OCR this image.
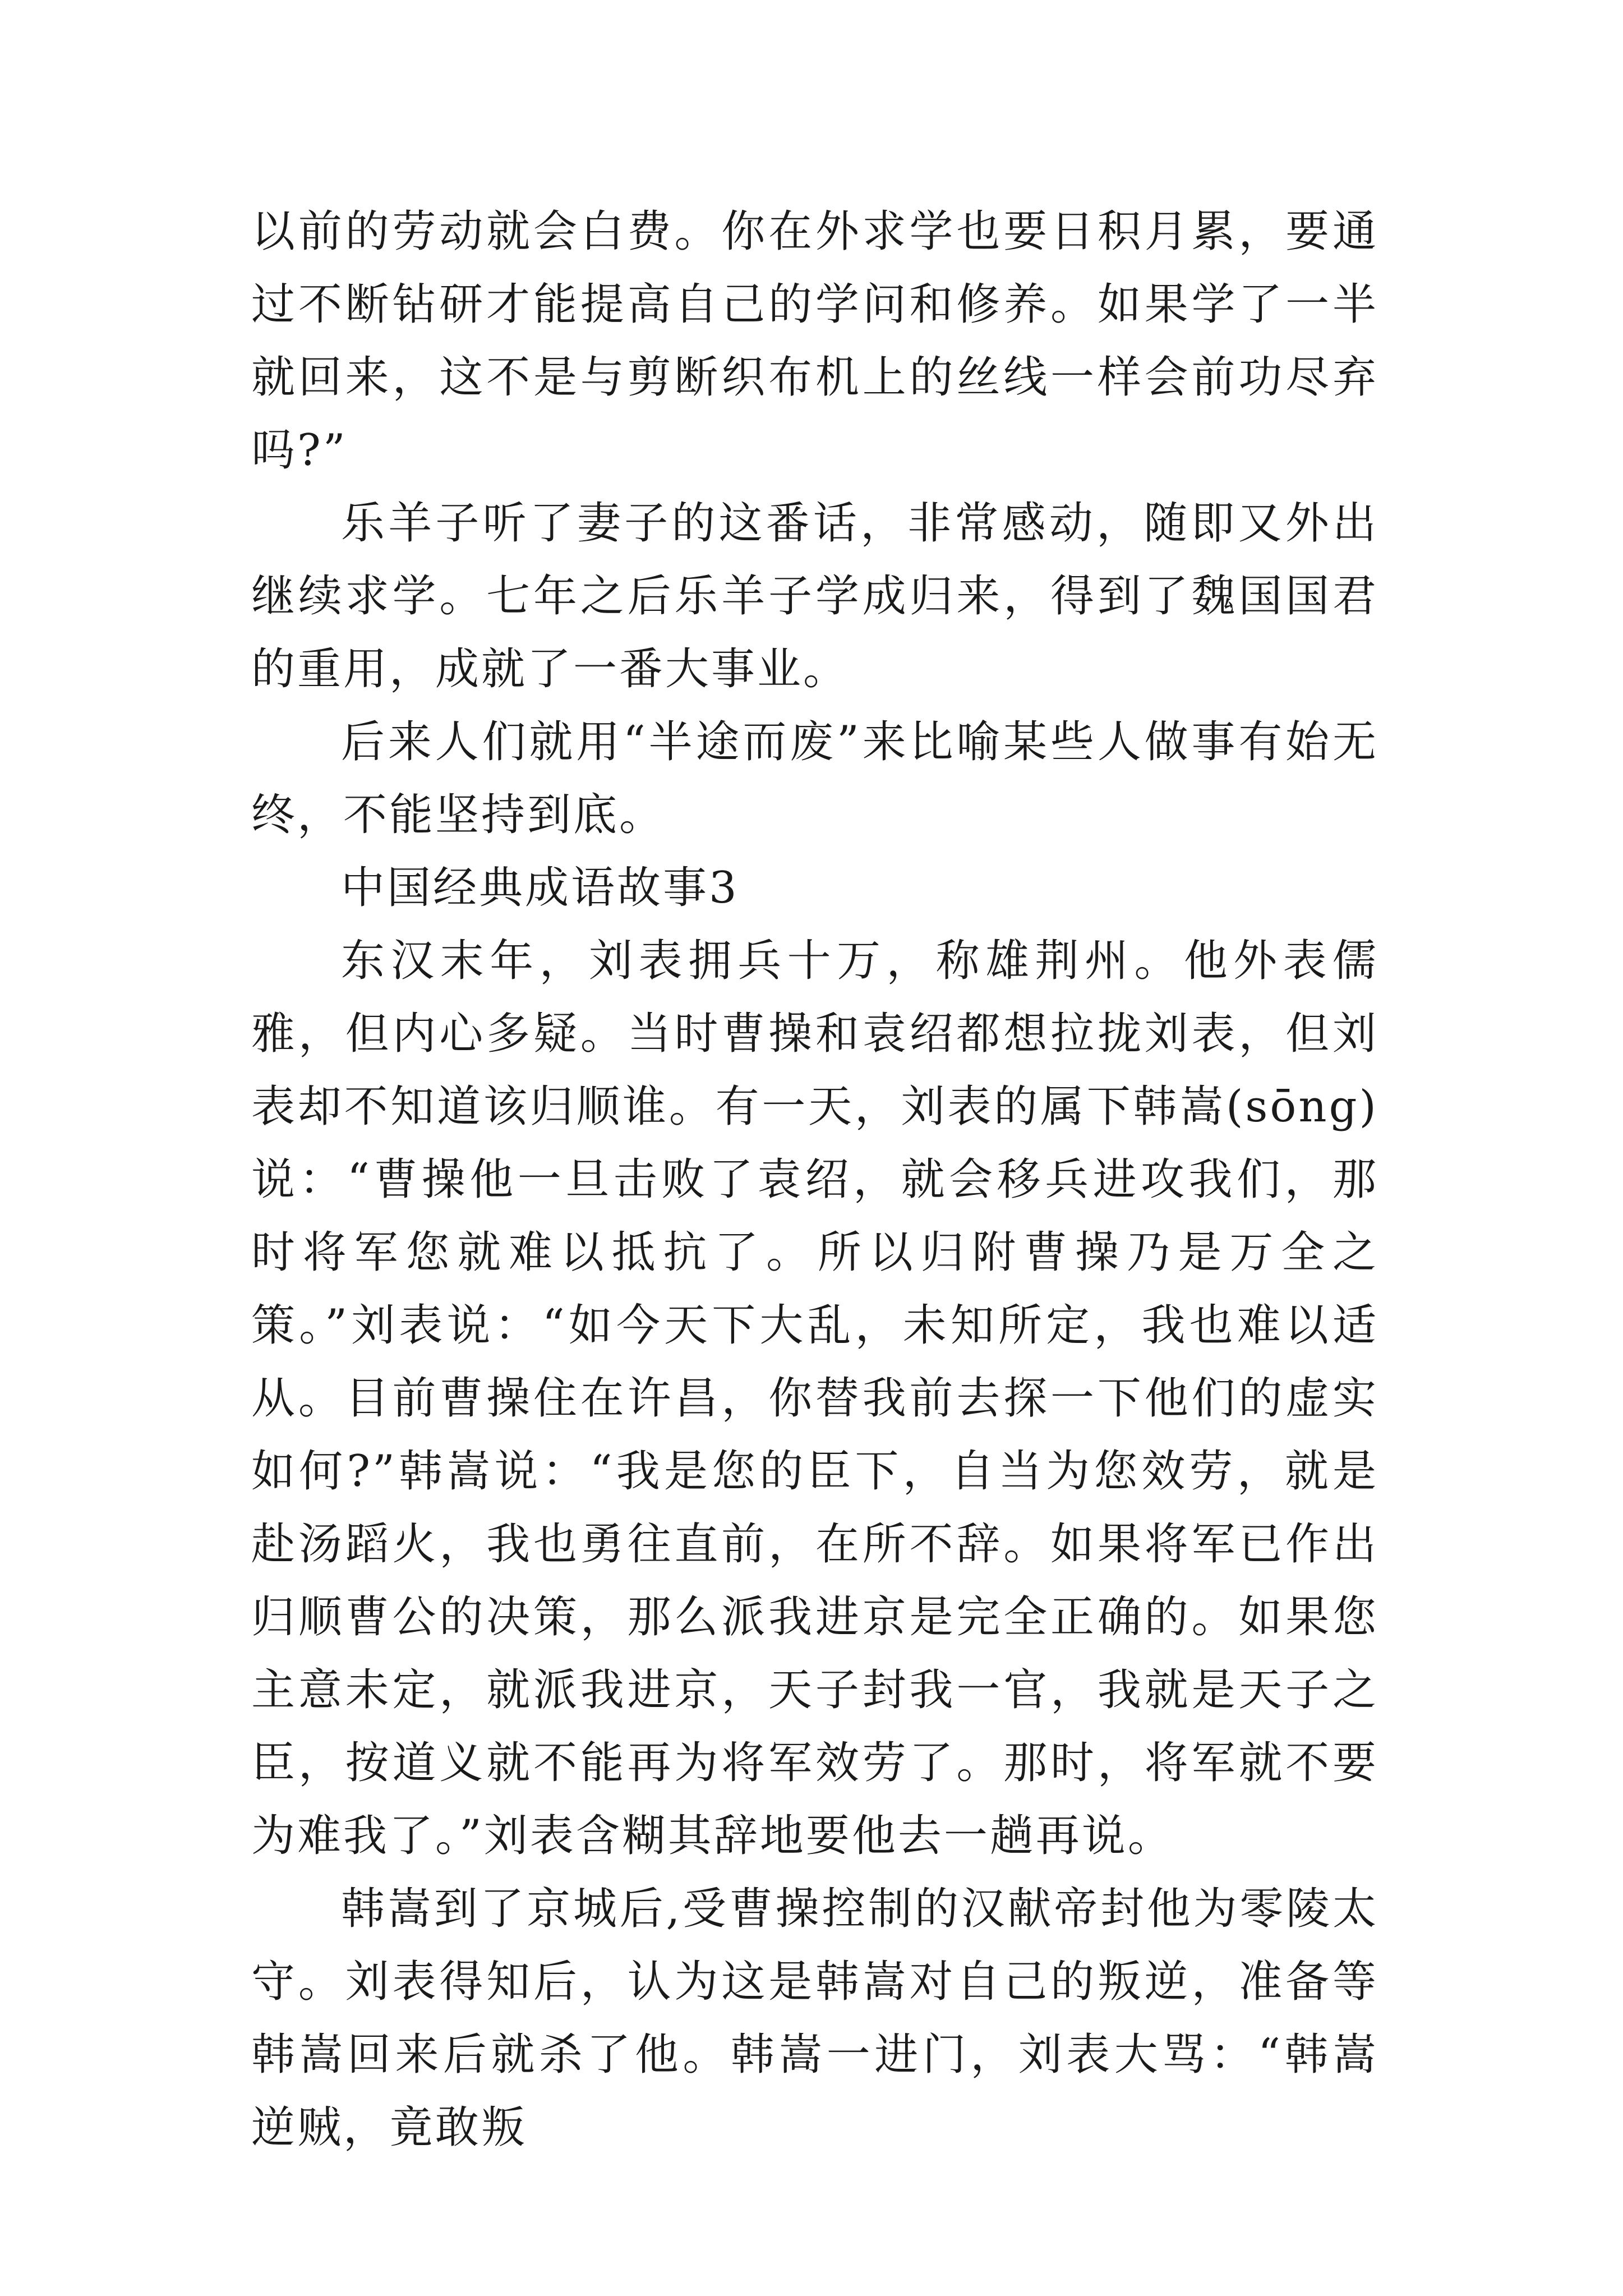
以前的劳动就会白费。你在外求学也要日积月累，要通过不断钻研才能提高自己的学问和修养。如果学了一半就回来，这不是与剪断织布机上的丝线一样会前功尽弃吗?”

乐羊子听了妻子的这番话，非常感动，随即又外出继续求学。七年之后乐羊子学成归来，得到了魏国国君的重用，成就了一番大事业。

后来人们就用“半途而废”来比喻某些人做事有始无终，不能坚持到底。

中国经典成语故事3

东汉末年，刘表拥兵十万，称雄荆州。他外表儒雅，但内心多疑。当时曹操和袁绍都想拉拢刘表，但刘表却不知道该归顺谁。有一天，刘表的属下韩嵩(sōng)说：“曹操他一旦击败了袁绍，就会移兵进攻我们，那时将军您就难以抵抗了。所以归附曹操乃是万全之策。”刘表说：“如今天下大乱，未知所定，我也难以适从。目前曹操住在许昌，你替我前去探一下他们的虚实如何?”韩嵩说：“我是您的臣下，自当为您效劳，就是赴汤蹈火，我也勇往直前，在所不辞。如果将军已作出归顺曹公的决策，那么派我进京是完全正确的。如果您主意未定，就派我进京，天子封我一官，我就是天子之臣，按道义就不能再为将军效劳了。那时，将军就不要为难我了。”刘表含糊其辞地要他去一趟再说。

韩嵩到了京城后,受曹操控制的汉献帝封他为零陵太守。刘表得知后，认为这是韩嵩对自己的叛逆，准备等韩嵩回来后就杀了他。韩嵩一进门，刘表大骂：“韩嵩逆贼，竟敢叛
